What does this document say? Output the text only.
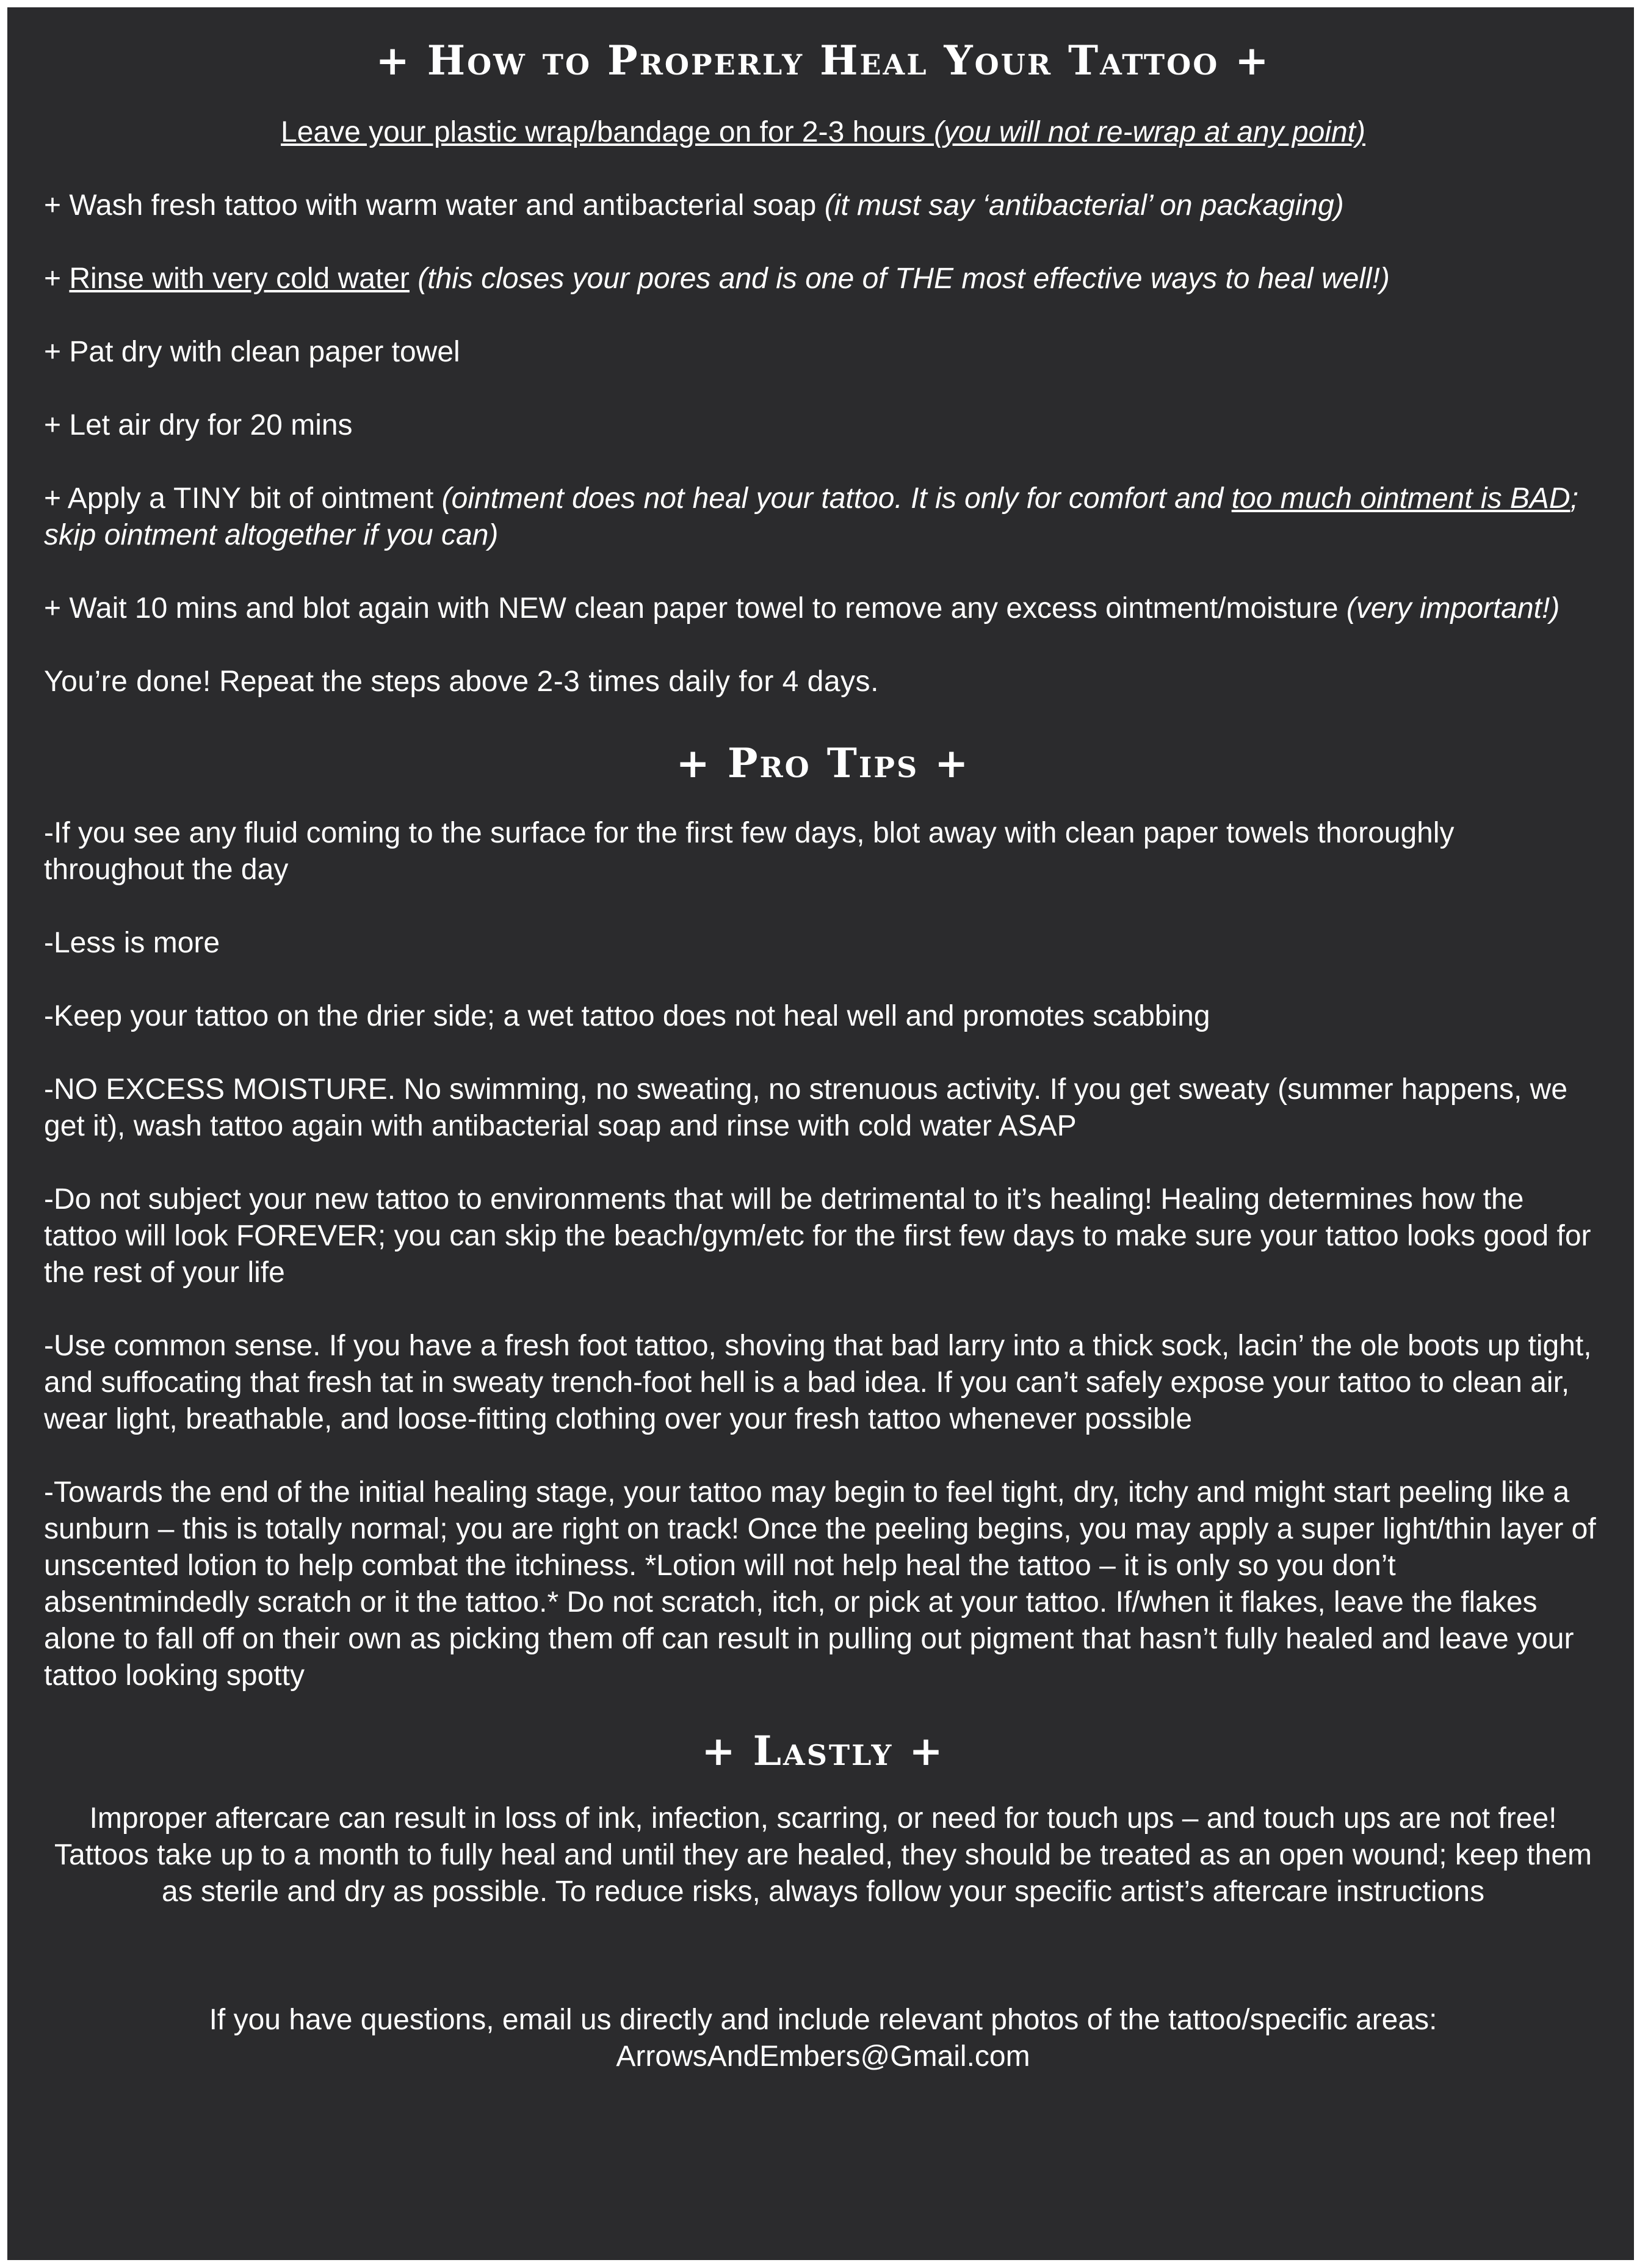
+ How to Properly Heal Your Tattoo +

Leave your plastic wrap/bandage on for 2-3 hours (you will not re-wrap at any point)

+ Wash fresh tattoo with warm water and antibacterial soap (it must say ‘antibacterial’ on packaging)

+ Rinse with very cold water (this closes your pores and is one of THE most effective ways to heal well!)

+ Pat dry with clean paper towel

+ Let air dry for 20 mins

+ Apply a TINY bit of ointment (ointment does not heal your tattoo. It is only for comfort and too much ointment is BAD; skip ointment altogether if you can)

+ Wait 10 mins and blot again with NEW clean paper towel to remove any excess ointment/moisture (very important!)

You’re done! Repeat the steps above 2-3 times daily for 4 days.

+ Pro Tips +

-If you see any fluid coming to the surface for the first few days, blot away with clean paper towels thoroughly throughout the day

-Less is more

-Keep your tattoo on the drier side; a wet tattoo does not heal well and promotes scabbing

-NO EXCESS MOISTURE. No swimming, no sweating, no strenuous activity. If you get sweaty (summer happens, we get it), wash tattoo again with antibacterial soap and rinse with cold water ASAP

-Do not subject your new tattoo to environments that will be detrimental to it’s healing! Healing determines how the tattoo will look FOREVER; you can skip the beach/gym/etc for the first few days to make sure your tattoo looks good for the rest of your life

-Use common sense. If you have a fresh foot tattoo, shoving that bad larry into a thick sock, lacin’ the ole boots up tight, and suffocating that fresh tat in sweaty trench-foot hell is a bad idea. If you can’t safely expose your tattoo to clean air, wear light, breathable, and loose-fitting clothing over your fresh tattoo whenever possible

-Towards the end of the initial healing stage, your tattoo may begin to feel tight, dry, itchy and might start peeling like a sunburn – this is totally normal; you are right on track! Once the peeling begins, you may apply a super light/thin layer of unscented lotion to help combat the itchiness. *Lotion will not help heal the tattoo – it is only so you don’t absentmindedly scratch or it the tattoo.* Do not scratch, itch, or pick at your tattoo. If/when it flakes, leave the flakes alone to fall off on their own as picking them off can result in pulling out pigment that hasn’t fully healed and leave your tattoo looking spotty

+ Lastly +

Improper aftercare can result in loss of ink, infection, scarring, or need for touch ups – and touch ups are not free! Tattoos take up to a month to fully heal and until they are healed, they should be treated as an open wound; keep them as sterile and dry as possible. To reduce risks, always follow your specific artist’s aftercare instructions

If you have questions, email us directly and include relevant photos of the tattoo/specific areas:
ArrowsAndEmbers@Gmail.com
